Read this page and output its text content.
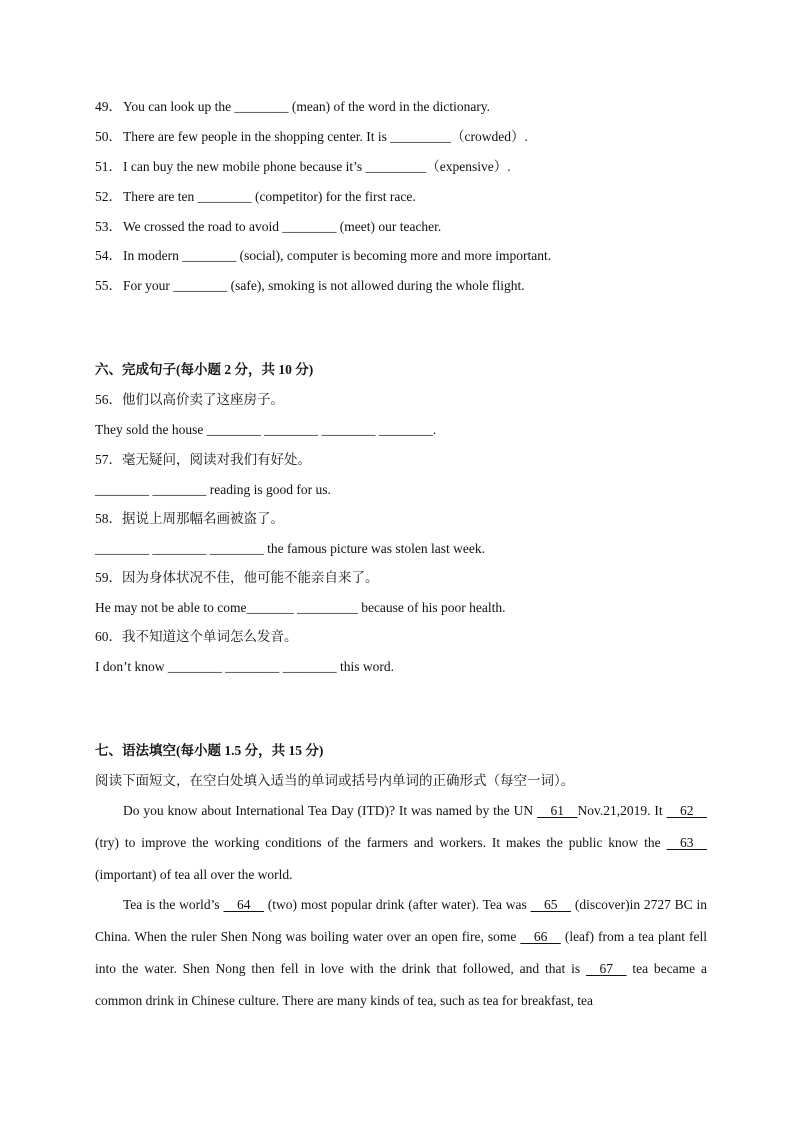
49．You can look up the ________ (mean) of the word in the dictionary.
50．There are few people in the shopping center. It is _________（crowded）.
51．I can buy the new mobile phone because it’s _________（expensive）.
52．There are ten ________ (competitor) for the first race.
53．We crossed the road to avoid ________ (meet) our teacher.
54．In modern ________ (social), computer is becoming more and more important.
55．For your ________ (safe), smoking is not allowed during the whole flight.
六、完成句子(每小题 2 分，共 10 分)
56．他们以高价卖了这座房子。
They sold the house ________ ________ ________ ________.
57．毫无疑问，阅读对我们有好处。
________ ________ reading is good for us.
58．据说上周那幅名画被盗了。
________ ________ ________ the famous picture was stolen last week.
59．因为身体状况不佳，他可能不能亲自来了。
He may not be able to come_______ _________ because of his poor health.
60．我不知道这个单词怎么发音。
I don’t know ________ ________ ________ this word.
七、语法填空(每小题 1.5 分，共 15 分)
阅读下面短文，在空白处填入适当的单词或括号内单词的正确形式（每空一词）。
Do you know about International Tea Day (ITD)? It was named by the UN 61 Nov.21,2019. It 62 (try) to improve the working conditions of the farmers and workers. It makes the public know the 63 (important) of tea all over the world.
Tea is the world’s 64 (two) most popular drink (after water). Tea was 65 (discover)in 2727 BC in China. When the ruler Shen Nong was boiling water over an open fire, some 66 (leaf) from a tea plant fell into the water. Shen Nong then fell in love with the drink that followed, and that is 67 tea became a common drink in Chinese culture. There are many kinds of tea, such as tea for breakfast, tea
